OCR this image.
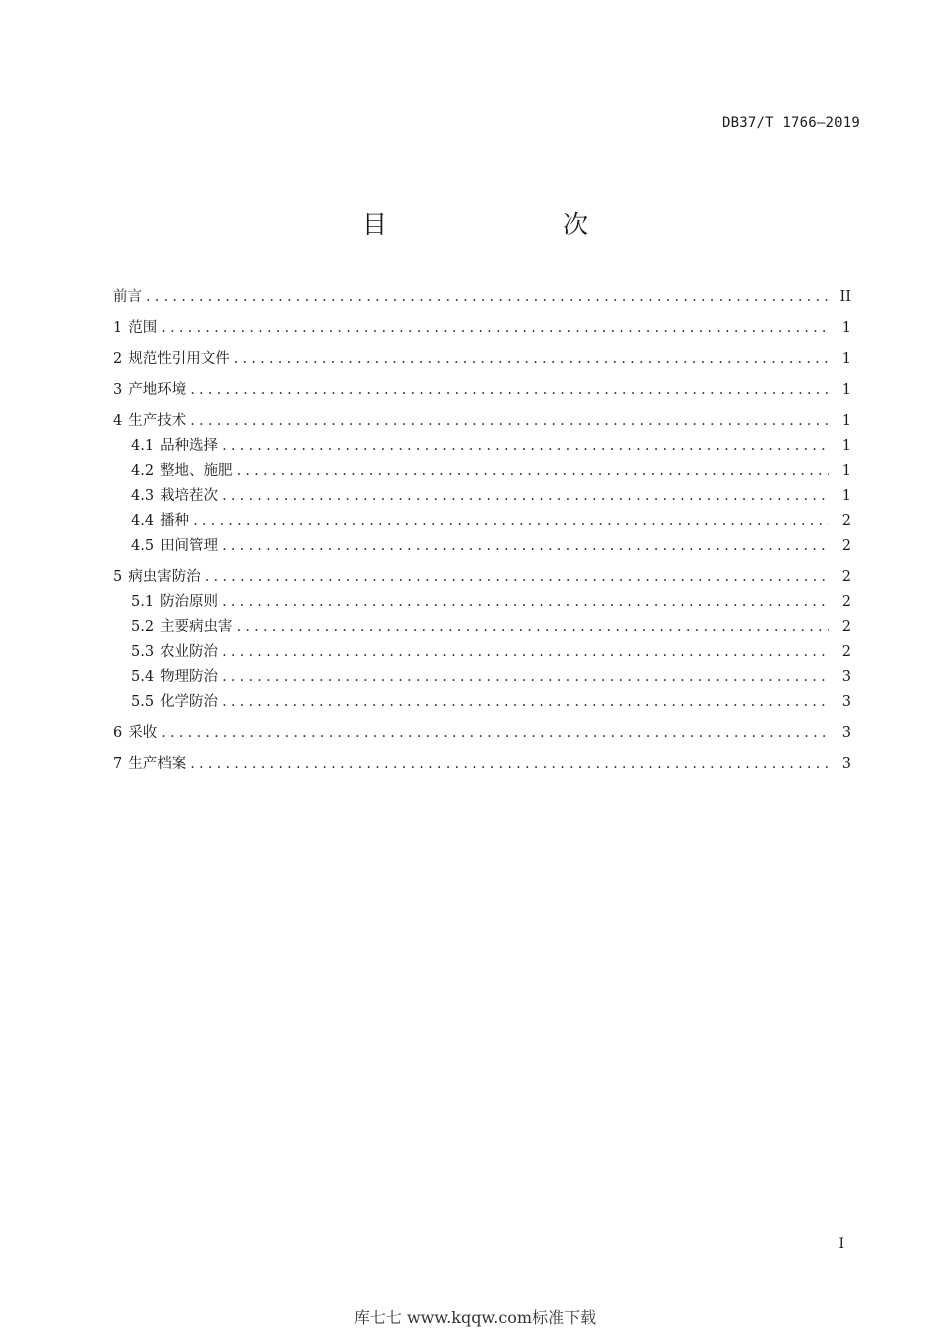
DB37/T 1766—2019
目　　次
前言 .....	II
1 范围 .....	1
2 规范性引用文件 .....	1
3 产地环境 .....	1
4 生产技术 .....	1
4.1 品种选择 .....	1
4.2 整地、施肥 .....	1
4.3 栽培茬次 .....	1
4.4 播种 .....	2
4.5 田间管理 .....	2
5 病虫害防治 .....	2
5.1 防治原则 .....	2
5.2 主要病虫害 .....	2
5.3 农业防治 .....	2
5.4 物理防治 .....	3
5.5 化学防治 .....	3
6 采收 .....	3
7 生产档案 .....	3
I
库七七 www.kqqw.com标准下载
